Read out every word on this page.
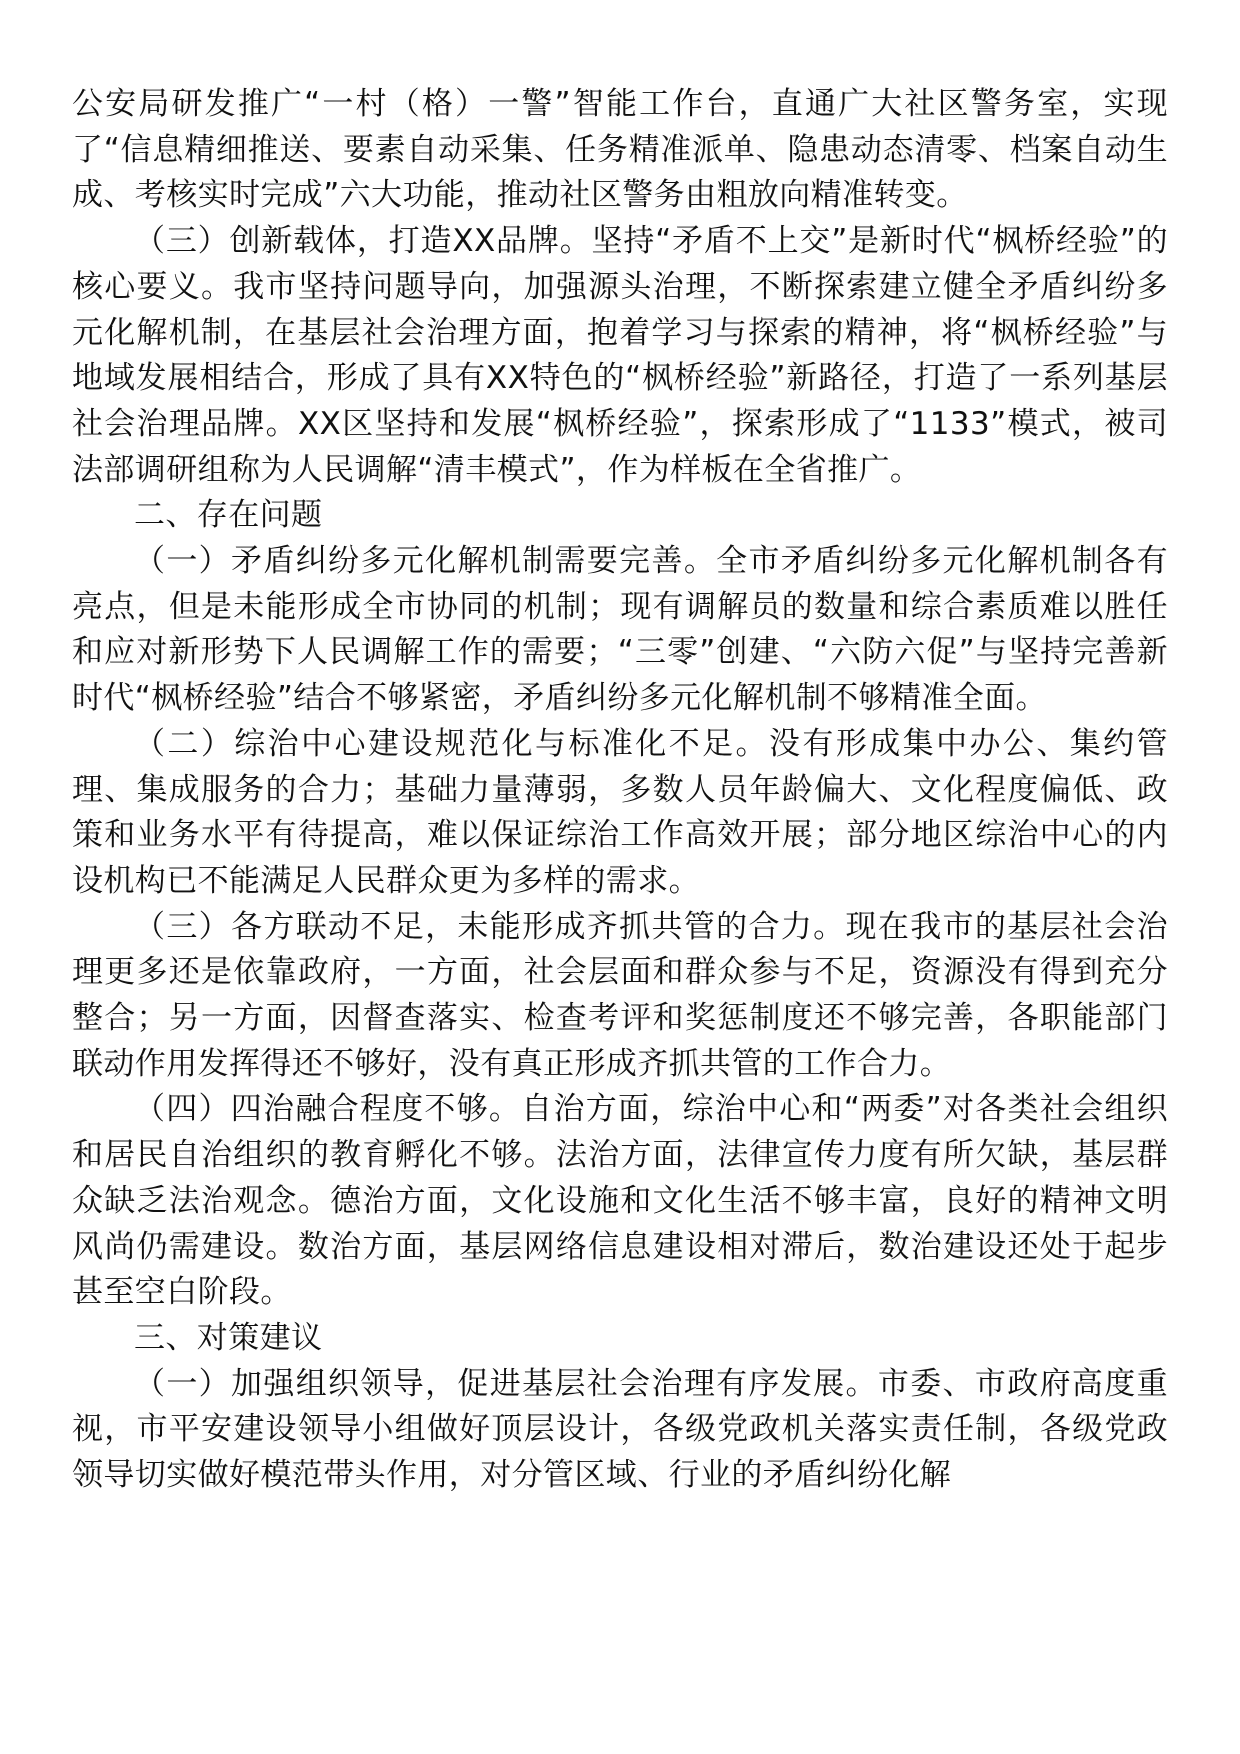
公安局研发推广“一村（格）一警”智能工作台，直通广大社区警务室，实现了“信息精细推送、要素自动采集、任务精准派单、隐患动态清零、档案自动生成、考核实时完成”六大功能，推动社区警务由粗放向精准转变。

（三）创新载体，打造XX品牌。坚持“矛盾不上交”是新时代“枫桥经验”的核心要义。我市坚持问题导向，加强源头治理，不断探索建立健全矛盾纠纷多元化解机制，在基层社会治理方面，抱着学习与探索的精神，将“枫桥经验”与地域发展相结合，形成了具有XX特色的“枫桥经验”新路径，打造了一系列基层社会治理品牌。XX区坚持和发展“枫桥经验”，探索形成了“1133”模式，被司法部调研组称为人民调解“清丰模式”，作为样板在全省推广。

二、存在问题

（一）矛盾纠纷多元化解机制需要完善。全市矛盾纠纷多元化解机制各有亮点，但是未能形成全市协同的机制；现有调解员的数量和综合素质难以胜任和应对新形势下人民调解工作的需要；“三零”创建、“六防六促”与坚持完善新时代“枫桥经验”结合不够紧密，矛盾纠纷多元化解机制不够精准全面。

（二）综治中心建设规范化与标准化不足。没有形成集中办公、集约管理、集成服务的合力；基础力量薄弱，多数人员年龄偏大、文化程度偏低、政策和业务水平有待提高，难以保证综治工作高效开展；部分地区综治中心的内设机构已不能满足人民群众更为多样的需求。

（三）各方联动不足，未能形成齐抓共管的合力。现在我市的基层社会治理更多还是依靠政府，一方面，社会层面和群众参与不足，资源没有得到充分整合；另一方面，因督查落实、检查考评和奖惩制度还不够完善，各职能部门联动作用发挥得还不够好，没有真正形成齐抓共管的工作合力。

（四）四治融合程度不够。自治方面，综治中心和“两委”对各类社会组织和居民自治组织的教育孵化不够。法治方面，法律宣传力度有所欠缺，基层群众缺乏法治观念。德治方面，文化设施和文化生活不够丰富，良好的精神文明风尚仍需建设。数治方面，基层网络信息建设相对滞后，数治建设还处于起步甚至空白阶段。

三、对策建议

（一）加强组织领导，促进基层社会治理有序发展。市委、市政府高度重视，市平安建设领导小组做好顶层设计，各级党政机关落实责任制，各级党政领导切实做好模范带头作用，对分管区域、行业的矛盾纠纷化解
